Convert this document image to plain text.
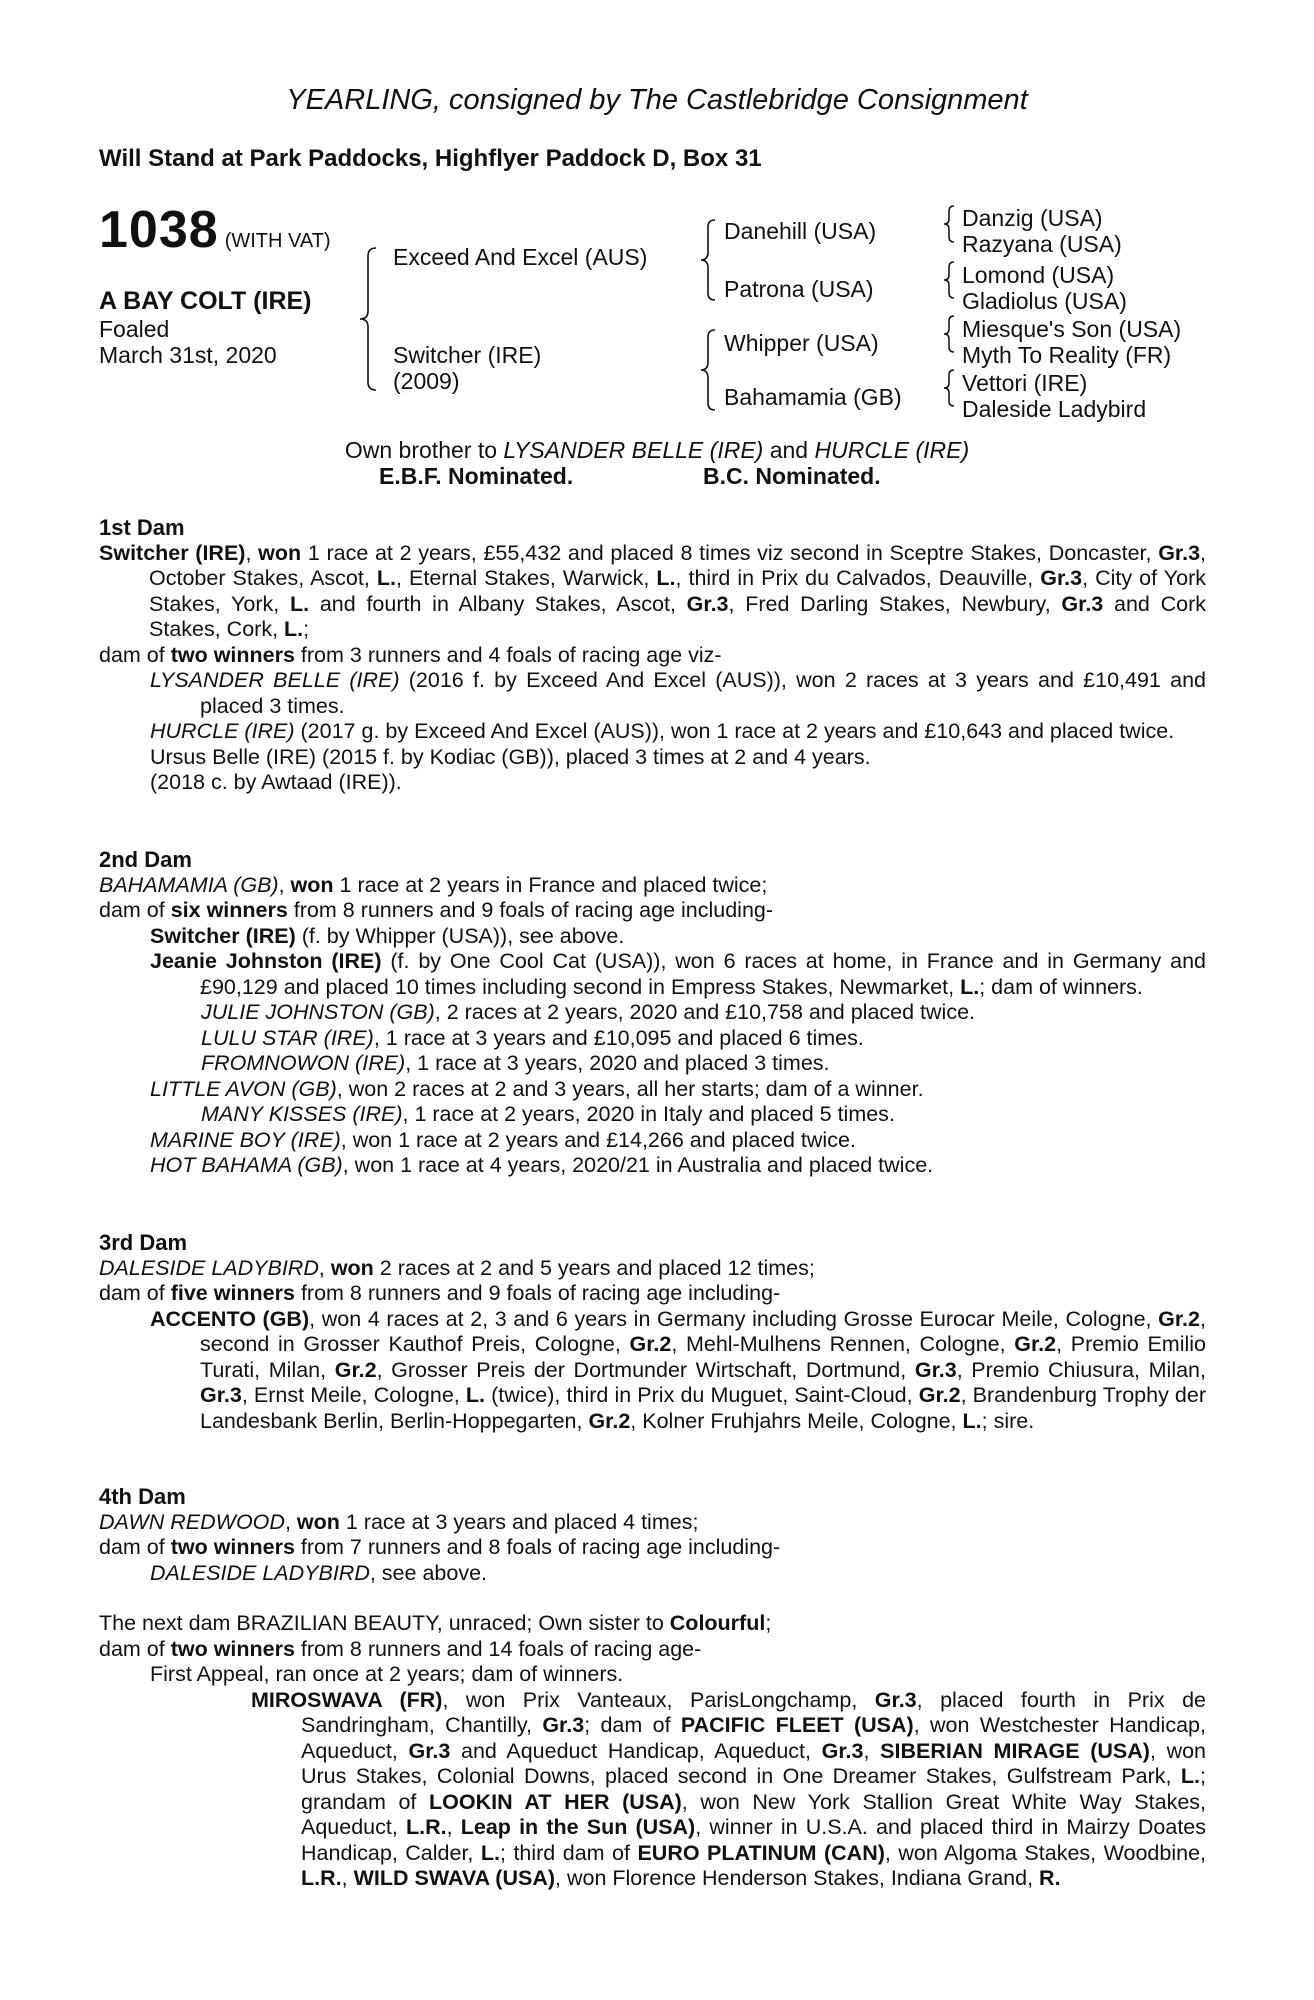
YEARLING, consigned by The Castlebridge Consignment
Will Stand at Park Paddocks, Highflyer Paddock D, Box 31
1038 (WITH VAT)
A BAY COLT (IRE)
Foaled
March 31st, 2020
Exceed And Excel (AUS)
Switcher (IRE)
(2009)
Danehill (USA)
Patrona (USA)
Whipper (USA)
Bahamamia (GB)
Danzig (USA)
Razyana (USA)
Lomond (USA)
Gladiolus (USA)
Miesque's Son (USA)
Myth To Reality (FR)
Vettori (IRE)
Daleside Ladybird
Own brother to LYSANDER BELLE (IRE) and HURCLE (IRE)
E.B.F. Nominated.	B.C. Nominated.
1st Dam
Switcher (IRE), won 1 race at 2 years, £55,432 and placed 8 times viz second in Sceptre Stakes, Doncaster, Gr.3, October Stakes, Ascot, L., Eternal Stakes, Warwick, L., third in Prix du Calvados, Deauville, Gr.3, City of York Stakes, York, L. and fourth in Albany Stakes, Ascot, Gr.3, Fred Darling Stakes, Newbury, Gr.3 and Cork Stakes, Cork, L.;
dam of two winners from 3 runners and 4 foals of racing age viz-
LYSANDER BELLE (IRE) (2016 f. by Exceed And Excel (AUS)), won 2 races at 3 years and £10,491 and placed 3 times.
HURCLE (IRE) (2017 g. by Exceed And Excel (AUS)), won 1 race at 2 years and £10,643 and placed twice.
Ursus Belle (IRE) (2015 f. by Kodiac (GB)), placed 3 times at 2 and 4 years.
(2018 c. by Awtaad (IRE)).
2nd Dam
BAHAMAMIA (GB), won 1 race at 2 years in France and placed twice;
dam of six winners from 8 runners and 9 foals of racing age including-
Switcher (IRE) (f. by Whipper (USA)), see above.
Jeanie Johnston (IRE) (f. by One Cool Cat (USA)), won 6 races at home, in France and in Germany and £90,129 and placed 10 times including second in Empress Stakes, Newmarket, L.; dam of winners.
JULIE JOHNSTON (GB), 2 races at 2 years, 2020 and £10,758 and placed twice.
LULU STAR (IRE), 1 race at 3 years and £10,095 and placed 6 times.
FROMNOWON (IRE), 1 race at 3 years, 2020 and placed 3 times.
LITTLE AVON (GB), won 2 races at 2 and 3 years, all her starts; dam of a winner.
MANY KISSES (IRE), 1 race at 2 years, 2020 in Italy and placed 5 times.
MARINE BOY (IRE), won 1 race at 2 years and £14,266 and placed twice.
HOT BAHAMA (GB), won 1 race at 4 years, 2020/21 in Australia and placed twice.
3rd Dam
DALESIDE LADYBIRD, won 2 races at 2 and 5 years and placed 12 times;
dam of five winners from 8 runners and 9 foals of racing age including-
ACCENTO (GB), won 4 races at 2, 3 and 6 years in Germany including Grosse Eurocar Meile, Cologne, Gr.2, second in Grosser Kauthof Preis, Cologne, Gr.2, Mehl-Mulhens Rennen, Cologne, Gr.2, Premio Emilio Turati, Milan, Gr.2, Grosser Preis der Dortmunder Wirtschaft, Dortmund, Gr.3, Premio Chiusura, Milan, Gr.3, Ernst Meile, Cologne, L. (twice), third in Prix du Muguet, Saint-Cloud, Gr.2, Brandenburg Trophy der Landesbank Berlin, Berlin-Hoppegarten, Gr.2, Kolner Fruhjahrs Meile, Cologne, L.; sire.
4th Dam
DAWN REDWOOD, won 1 race at 3 years and placed 4 times;
dam of two winners from 7 runners and 8 foals of racing age including-
DALESIDE LADYBIRD, see above.
The next dam BRAZILIAN BEAUTY, unraced; Own sister to Colourful;
dam of two winners from 8 runners and 14 foals of racing age-
First Appeal, ran once at 2 years; dam of winners.
MIROSWAVA (FR), won Prix Vanteaux, ParisLongchamp, Gr.3, placed fourth in Prix de Sandringham, Chantilly, Gr.3; dam of PACIFIC FLEET (USA), won Westchester Handicap, Aqueduct, Gr.3 and Aqueduct Handicap, Aqueduct, Gr.3, SIBERIAN MIRAGE (USA), won Urus Stakes, Colonial Downs, placed second in One Dreamer Stakes, Gulfstream Park, L.; grandam of LOOKIN AT HER (USA), won New York Stallion Great White Way Stakes, Aqueduct, L.R., Leap in the Sun (USA), winner in U.S.A. and placed third in Mairzy Doates Handicap, Calder, L.; third dam of EURO PLATINUM (CAN), won Algoma Stakes, Woodbine, L.R., WILD SWAVA (USA), won Florence Henderson Stakes, Indiana Grand, R.
